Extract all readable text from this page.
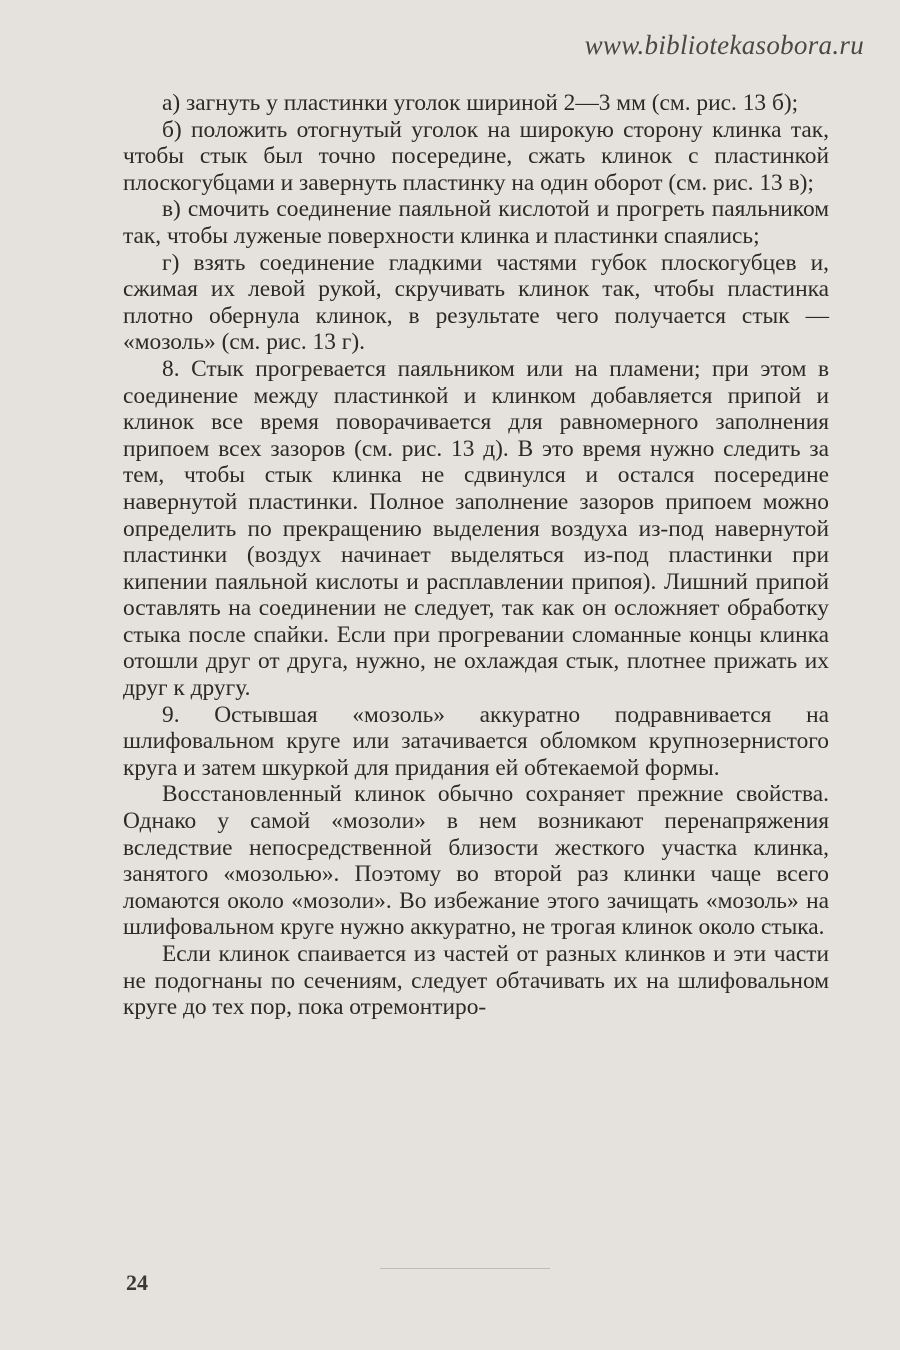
www.bibliotekasobora.ru

а) загнуть у пластинки уголок шириной 2—3 мм (см. рис. 13 б);

б) положить отогнутый уголок на широкую сторону клинка так, чтобы стык был точно посередине, сжать клинок с пластинкой плоскогубцами и завернуть пластинку на один оборот (см. рис. 13 в);

в) смочить соединение паяльной кислотой и прогреть паяльником так, чтобы луженые поверхности клинка и пластинки спаялись;

г) взять соединение гладкими частями губок плоскогубцев и, сжимая их левой рукой, скручивать клинок так, чтобы пластинка плотно обернула клинок, в результате чего получается стык — «мозоль» (см. рис. 13 г).

8. Стык прогревается паяльником или на пламени; при этом в соединение между пластинкой и клинком добавляется припой и клинок все время поворачивается для равномерного заполнения припоем всех зазоров (см. рис. 13 д). В это время нужно следить за тем, чтобы стык клинка не сдвинулся и остался посередине навернутой пластинки. Полное заполнение зазоров припоем можно определить по прекращению выделения воздуха из-под навернутой пластинки (воздух начинает выделяться из-под пластинки при кипении паяльной кислоты и расплавлении припоя). Лишний припой оставлять на соединении не следует, так как он осложняет обработку стыка после спайки. Если при прогревании сломанные концы клинка отошли друг от друга, нужно, не охлаждая стык, плотнее прижать их друг к другу.

9. Остывшая «мозоль» аккуратно подравнивается на шлифовальном круге или затачивается обломком крупнозернистого круга и затем шкуркой для придания ей обтекаемой формы.

Восстановленный клинок обычно сохраняет прежние свойства. Однако у самой «мозоли» в нем возникают перенапряжения вследствие непосредственной близости жесткого участка клинка, занятого «мозолью». Поэтому во второй раз клинки чаще всего ломаются около «мозоли». Во избежание этого зачищать «мозоль» на шлифовальном круге нужно аккуратно, не трогая клинок около стыка.

Если клинок спаивается из частей от разных клинков и эти части не подогнаны по сечениям, следует обтачивать их на шлифовальном круге до тех пор, пока отремонтиро-

24
